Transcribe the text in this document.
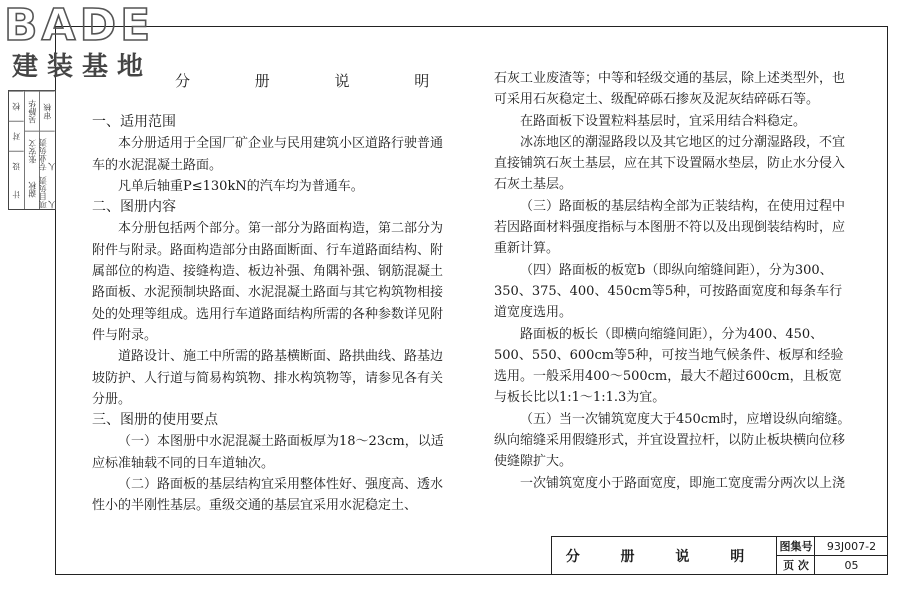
BADE
建装基地
校
对
设
计
吴静华
张安文
谢秋
审核
专业负责人
项目负责人
分 册 说 明

一、适用范围

本分册适用于全国厂矿企业与民用建筑小区道路行驶普通车的水泥混凝土路面。

凡单后轴重P≤130kN的汽车均为普通车。

二、图册内容

本分册包括两个部分。第一部分为路面构造，第二部分为附件与附录。路面构造部分由路面断面、行车道路面结构、附属部位的构造、接缝构造、板边补强、角隅补强、钢筋混凝土路面板、水泥预制块路面、水泥混凝土路面与其它构筑物相接处的处理等组成。选用行车道路面结构所需的各种参数详见附件与附录。

道路设计、施工中所需的路基横断面、路拱曲线、路基边坡防护、人行道与简易构筑物、排水构筑物等，请参见各有关分册。

三、图册的使用要点

（一）本图册中水泥混凝土路面板厚为18～23cm，以适应标准轴载不同的日车道轴次。

（二）路面板的基层结构宜采用整体性好、强度高、透水性小的半刚性基层。重级交通的基层宜采用水泥稳定土、

石灰工业废渣等；中等和轻级交通的基层，除上述类型外，也可采用石灰稳定土、级配碎砾石掺灰及泥灰结碎砾石等。

在路面板下设置粒料基层时，宜采用结合料稳定。

冰冻地区的潮湿路段以及其它地区的过分潮湿路段，不宜直接铺筑石灰土基层，应在其下设置隔水垫层，防止水分侵入石灰土基层。

（三）路面板的基层结构全部为正装结构，在使用过程中若因路面材料强度指标与本图册不符以及出现倒装结构时，应重新计算。

（四）路面板的板宽b（即纵向缩缝间距），分为300、350、375、400、450cm等5种，可按路面宽度和每条车行道宽度选用。

路面板的板长（即横向缩缝间距），分为400、450、500、550、600cm等5种，可按当地气候条件、板厚和经验选用。一般采用400～500cm，最大不超过600cm，且板宽与板长比以1:1～1:1.3为宜。

（五）当一次铺筑宽度大于450cm时，应增设纵向缩缝。纵向缩缝采用假缝形式，并宜设置拉杆，以防止板块横向位移使缝隙扩大。

一次铺筑宽度小于路面宽度，即施工宽度需分两次以上浇

分 册 说 明
图集号	93J007-2
页 次	05
